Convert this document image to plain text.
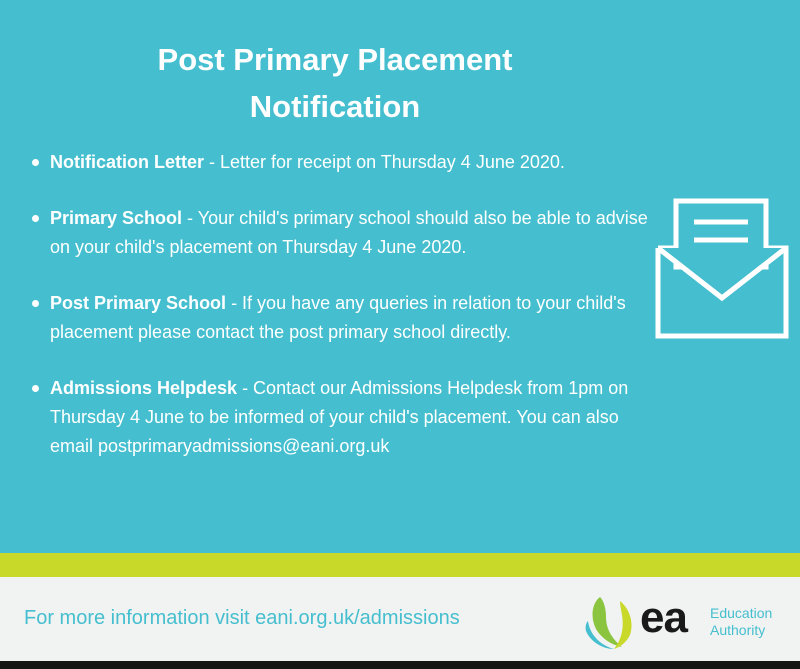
Post Primary Placement
Notification
Notification Letter - Letter for receipt on Thursday 4 June 2020.
Primary School - Your child's primary school should also be able to advise on your child's placement on Thursday 4 June 2020.
Post Primary School - If you have any queries in relation to your child's placement please contact the post primary school directly.
Admissions Helpdesk - Contact our Admissions Helpdesk from 1pm on Thursday 4 June to be informed of your child's placement. You can also email postprimaryadmissions@eani.org.uk
For more information visit eani.org.uk/admissions	ea Education
Authority
